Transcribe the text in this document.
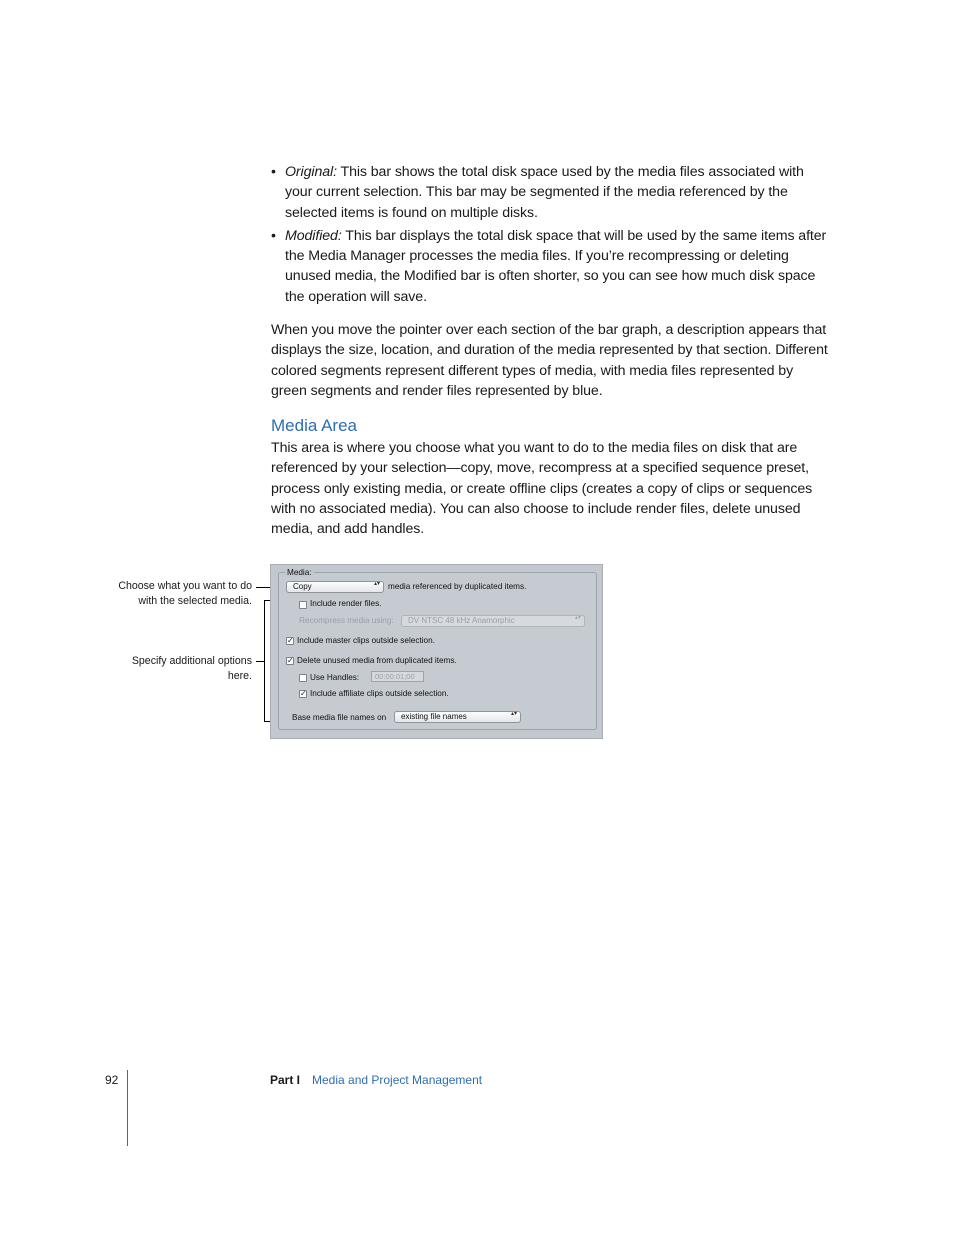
• Original: This bar shows the total disk space used by the media files associated with your current selection. This bar may be segmented if the media referenced by the selected items is found on multiple disks.
• Modified: This bar displays the total disk space that will be used by the same items after the Media Manager processes the media files. If you’re recompressing or deleting unused media, the Modified bar is often shorter, so you can see how much disk space the operation will save.
When you move the pointer over each section of the bar graph, a description appears that displays the size, location, and duration of the media represented by that section. Different colored segments represent different types of media, with media files represented by green segments and render files represented by blue.
Media Area
This area is where you choose what you want to do to the media files on disk that are referenced by your selection—copy, move, recompress at a specified sequence preset, process only existing media, or create offline clips (creates a copy of clips or sequences with no associated media). You can also choose to include render files, delete unused media, and add handles.
Choose what you want to do with the selected media.
Specify additional options here.
Media:
Copy	▴▾ media referenced by duplicated items.
Include render files.
Recompress media using:	DV NTSC 48 kHz Anamorphic	▴▾
✓ Include master clips outside selection.
✓ Delete unused media from duplicated items.
Use Handles:	00:00:01;00
✓ Include affiliate clips outside selection.
Base media file names on	existing file names	▴▾
92	Part I Media and Project Management
